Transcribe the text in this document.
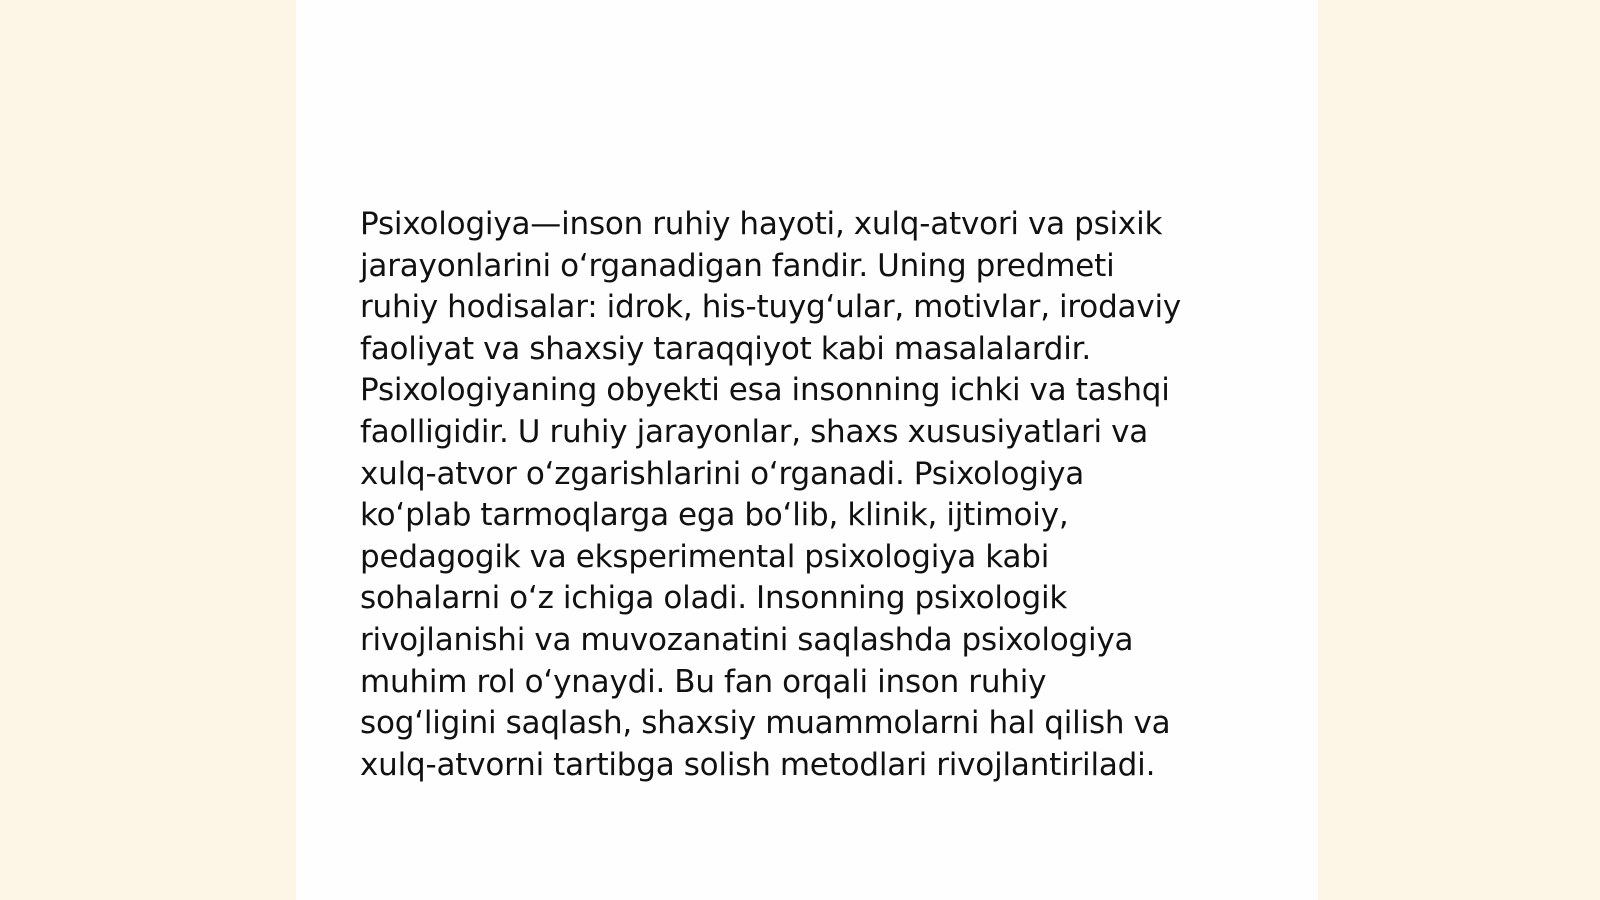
Psixologiya—inson ruhiy hayoti, xulq-atvori va psixik
jarayonlarini o‘rganadigan fandir. Uning predmeti
ruhiy hodisalar: idrok, his-tuyg‘ular, motivlar, irodaviy
faoliyat va shaxsiy taraqqiyot kabi masalalardir.
Psixologiyaning obyekti esa insonning ichki va tashqi
faolligidir. U ruhiy jarayonlar, shaxs xususiyatlari va
xulq-atvor o‘zgarishlarini o‘rganadi. Psixologiya
ko‘plab tarmoqlarga ega bo‘lib, klinik, ijtimoiy,
pedagogik va eksperimental psixologiya kabi
sohalarni o‘z ichiga oladi. Insonning psixologik
rivojlanishi va muvozanatini saqlashda psixologiya
muhim rol o‘ynaydi. Bu fan orqali inson ruhiy
sog‘ligini saqlash, shaxsiy muammolarni hal qilish va
xulq-atvorni tartibga solish metodlari rivojlantiriladi.
